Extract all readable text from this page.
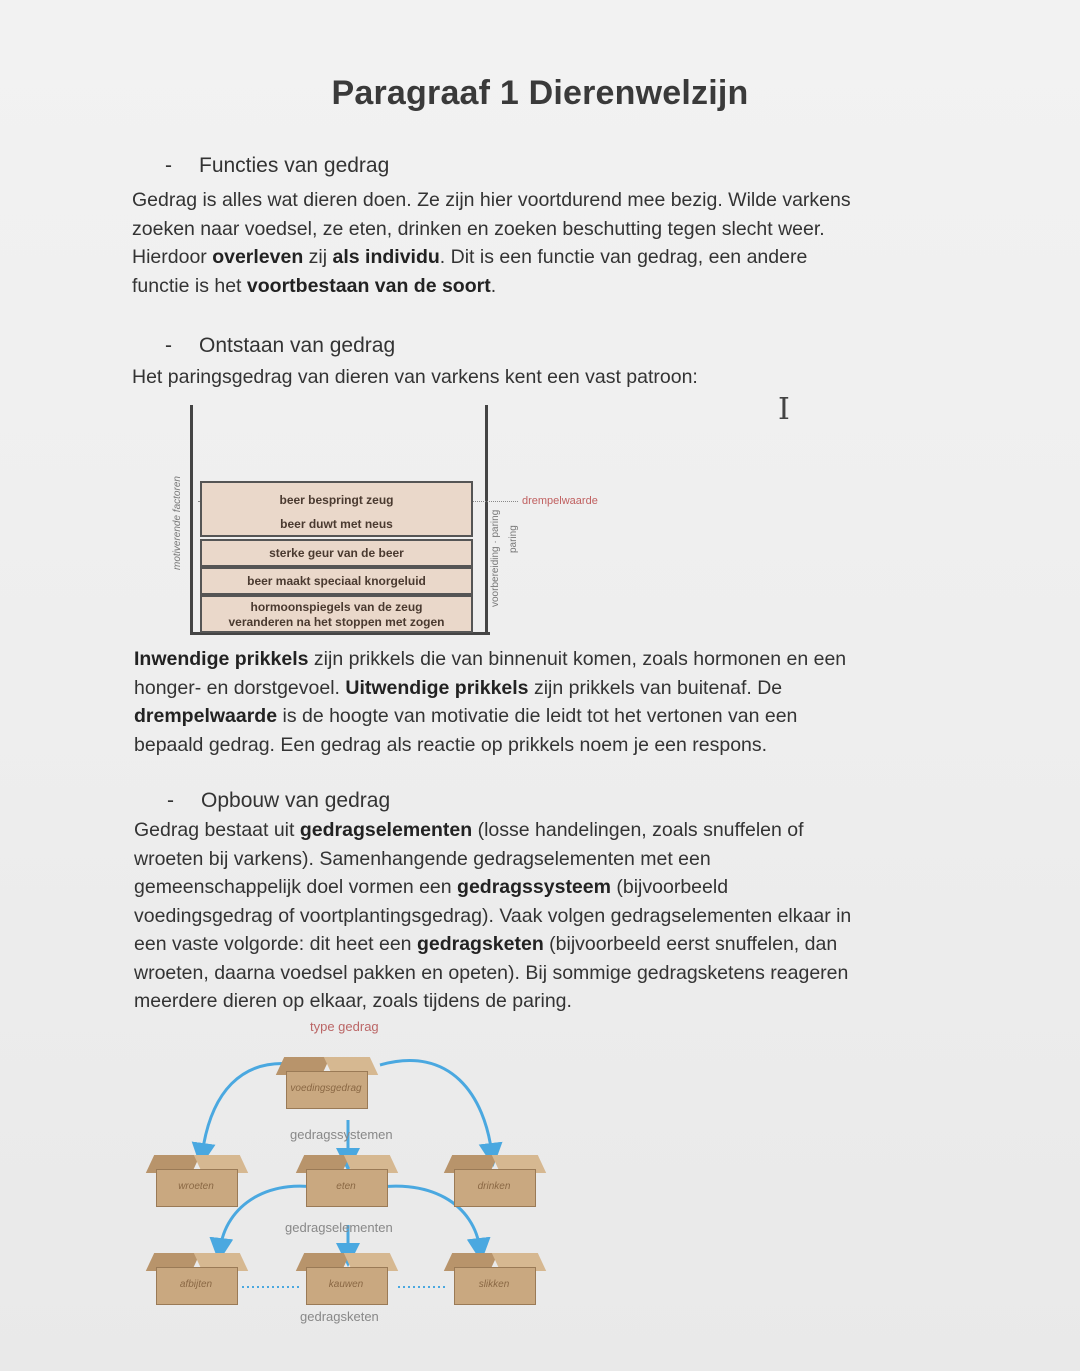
Paragraaf 1 Dierenwelzijn
- Functies van gedrag
Gedrag is alles wat dieren doen. Ze zijn hier voortdurend mee bezig. Wilde varkens
zoeken naar voedsel, ze eten, drinken en zoeken beschutting tegen slecht weer.
Hierdoor overleven zij als individu. Dit is een functie van gedrag, een andere
functie is het voortbestaan van de soort.
- Ontstaan van gedrag
Het paringsgedrag van dieren van varkens kent een vast patroon:
I
motiverende factoren	voorbereiding · paring paring
drempelwaarde
beer bespringt zeug
beer duwt met neus
sterke geur van de beer
beer maakt speciaal knorgeluid
hormoonspiegels van de zeug
veranderen na het stoppen met zogen
Inwendige prikkels zijn prikkels die van binnenuit komen, zoals hormonen en een
honger- en dorstgevoel. Uitwendige prikkels zijn prikkels van buitenaf. De
drempelwaarde is de hoogte van motivatie die leidt tot het vertonen van een
bepaald gedrag. Een gedrag als reactie op prikkels noem je een respons.
- Opbouw van gedrag
Gedrag bestaat uit gedragselementen (losse handelingen, zoals snuffelen of
wroeten bij varkens). Samenhangende gedragselementen met een
gemeenschappelijk doel vormen een gedragssysteem (bijvoorbeeld
voedingsgedrag of voortplantingsgedrag). Vaak volgen gedragselementen elkaar in
een vaste volgorde: dit heet een gedragsketen (bijvoorbeeld eerst snuffelen, dan
wroeten, daarna voedsel pakken en opeten). Bij sommige gedragsketens reageren
meerdere dieren op elkaar, zoals tijdens de paring.
type gedrag
voedingsgedrag
gedragssystemen
wroeten	eten	drinken
gedragselementen
afbijten	kauwen	slikken
gedragsketen
